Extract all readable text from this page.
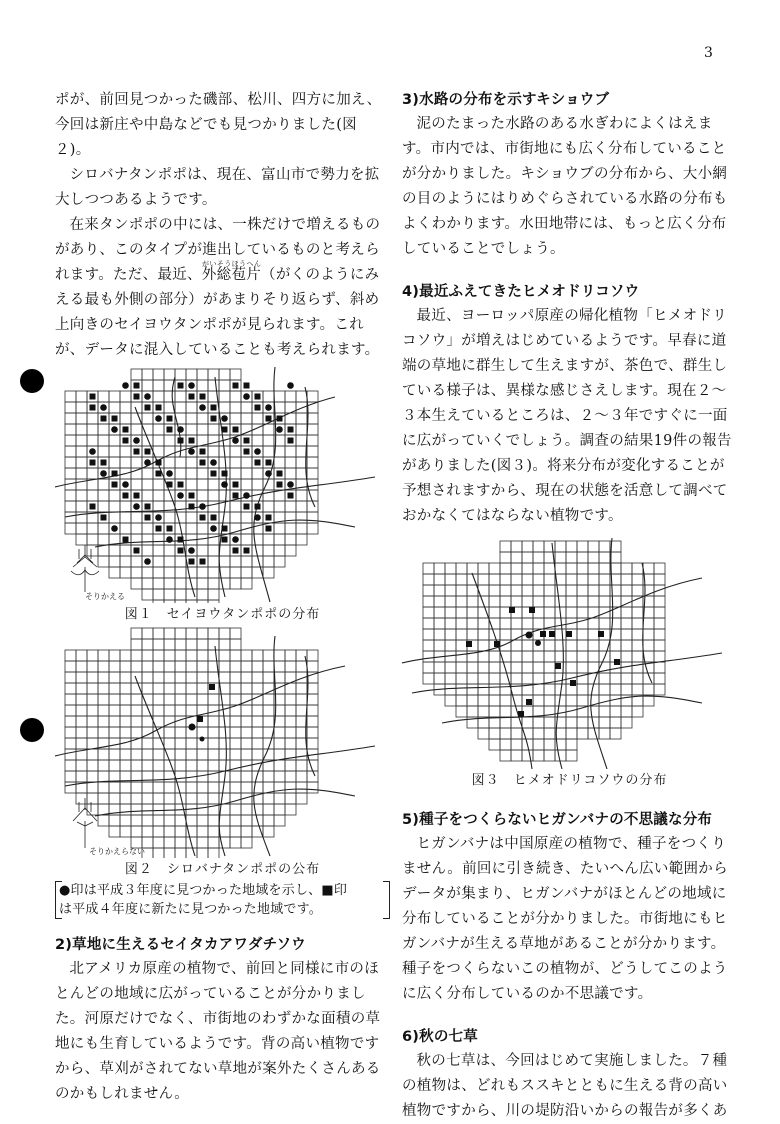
3

ポが、前回見つかった磯部、松川、四方に加え、
今回は新庄や中島などでも見つかりました(図２)。

シロバナタンポポは、現在、富山市で勢力を拡大しつつあるようです。

在来タンポポの中には、一株だけで増えるものがあり、このタイプが進出しているものと考えられます。ただ、最近、外総苞片がいそうほうへん（がくのようにみえる最も外側の部分）があまりそり返らず、斜め上向きのセイヨウタンポポが見られます。これが、データに混入していることも考えられます。

そりかえる

図１　セイヨウタンポポの分布

そりかえらない

図２　シロバナタンポポの公布

●印は平成３年度に見つかった地域を示し、■印
は平成４年度に新たに見つかった地域です。

2)草地に生えるセイタカアワダチソウ

北アメリカ原産の植物で、前回と同様に市のほとんどの地域に広がっていることが分かりました。河原だけでなく、市街地のわずかな面積の草地にも生育しているようです。背の高い植物ですから、草刈がされてない草地が案外たくさんあるのかもしれません。

3)水路の分布を示すキショウブ

泥のたまった水路のある水ぎわによくはえます。市内では、市街地にも広く分布していることが分かりました。キショウブの分布から、大小網の目のようにはりめぐらされている水路の分布もよくわかります。水田地帯には、もっと広く分布していることでしょう。

4)最近ふえてきたヒメオドリコソウ

最近、ヨーロッパ原産の帰化植物「ヒメオドリコソウ」が増えはじめているようです。早春に道端の草地に群生して生えますが、茶色で、群生している様子は、異様な感じさえします。現在２～３本生えているところは、２～３年ですぐに一面に広がっていくでしょう。調査の結果19件の報告がありました(図３)。将来分布が変化することが予想されますから、現在の状態を活意して調べておかなくてはならない植物です。

図３　ヒメオドリコソウの分布

5)種子をつくらないヒガンバナの不思議な分布

ヒガンバナは中国原産の植物で、種子をつくりません。前回に引き続き、たいへん広い範囲からデータが集まり、ヒガンバナがほとんどの地域に分布していることが分かりました。市街地にもヒガンバナが生える草地があることが分かります。種子をつくらないこの植物が、どうしてこのように広く分布しているのか不思議です。

6)秋の七草

秋の七草は、今回はじめて実施しました。７種の植物は、どれもススキとともに生える背の高い植物ですから、川の堤防沿いからの報告が多くあ
